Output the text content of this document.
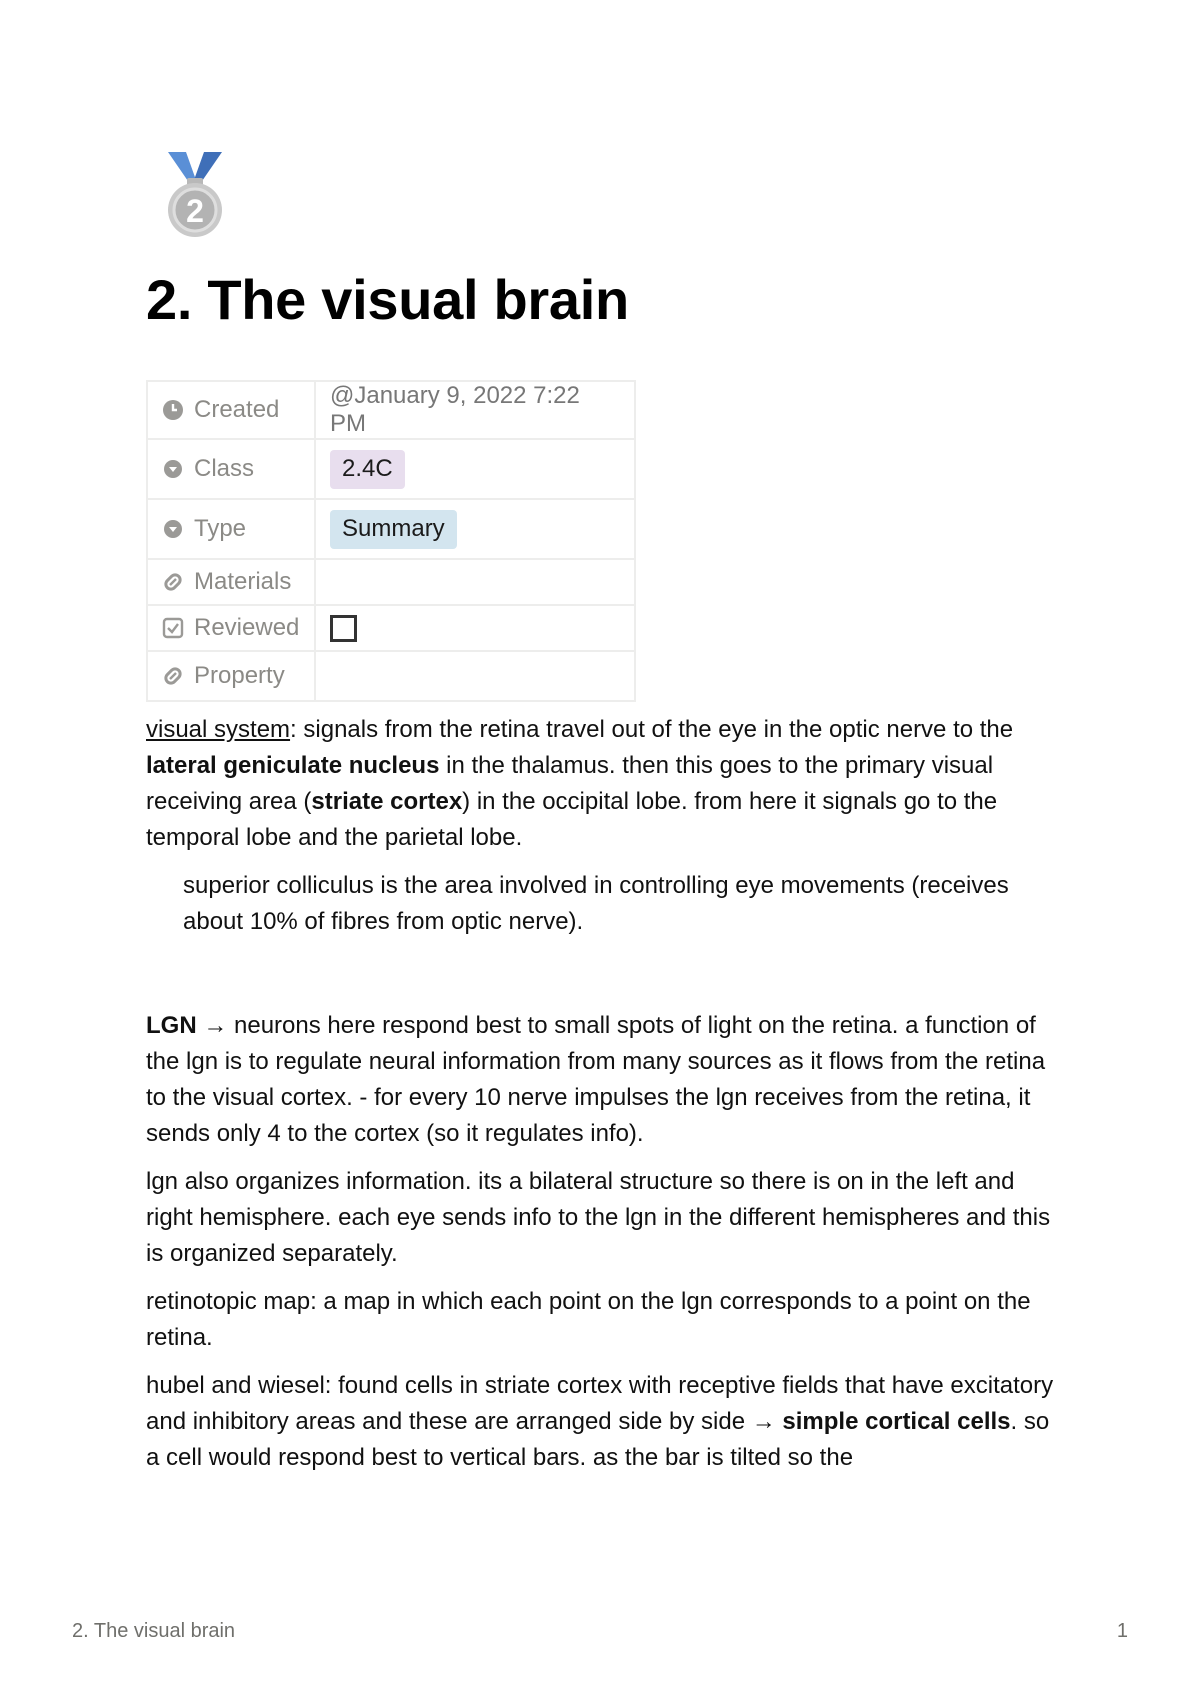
2
2. The visual brain
Created	@January 9, 2022 7:22 PM

Class	2.4C

Type	Summary

Materials	

Reviewed	

Property	

visual system: signals from the retina travel out of the eye in the optic nerve to the lateral geniculate nucleus in the thalamus. then this goes to the primary visual receiving area (striate cortex) in the occipital lobe. from here it signals go to the temporal lobe and the parietal lobe.

superior colliculus is the area involved in controlling eye movements (receives about 10% of fibres from optic nerve).

LGN → neurons here respond best to small spots of light on the retina. a function of the lgn is to regulate neural information from many sources as it flows from the retina to the visual cortex. - for every 10 nerve impulses the lgn receives from the retina, it sends only 4 to the cortex (so it regulates info).

lgn also organizes information. its a bilateral structure so there is on in the left and right hemisphere. each eye sends info to the lgn in the different hemispheres and this is organized separately.

retinotopic map: a map in which each point on the lgn corresponds to a point on the retina.

hubel and wiesel: found cells in striate cortex with receptive fields that have excitatory and inhibitory areas and these are arranged side by side → simple cortical cells. so a cell would respond best to vertical bars. as the bar is tilted so the

2. The visual brain	1
